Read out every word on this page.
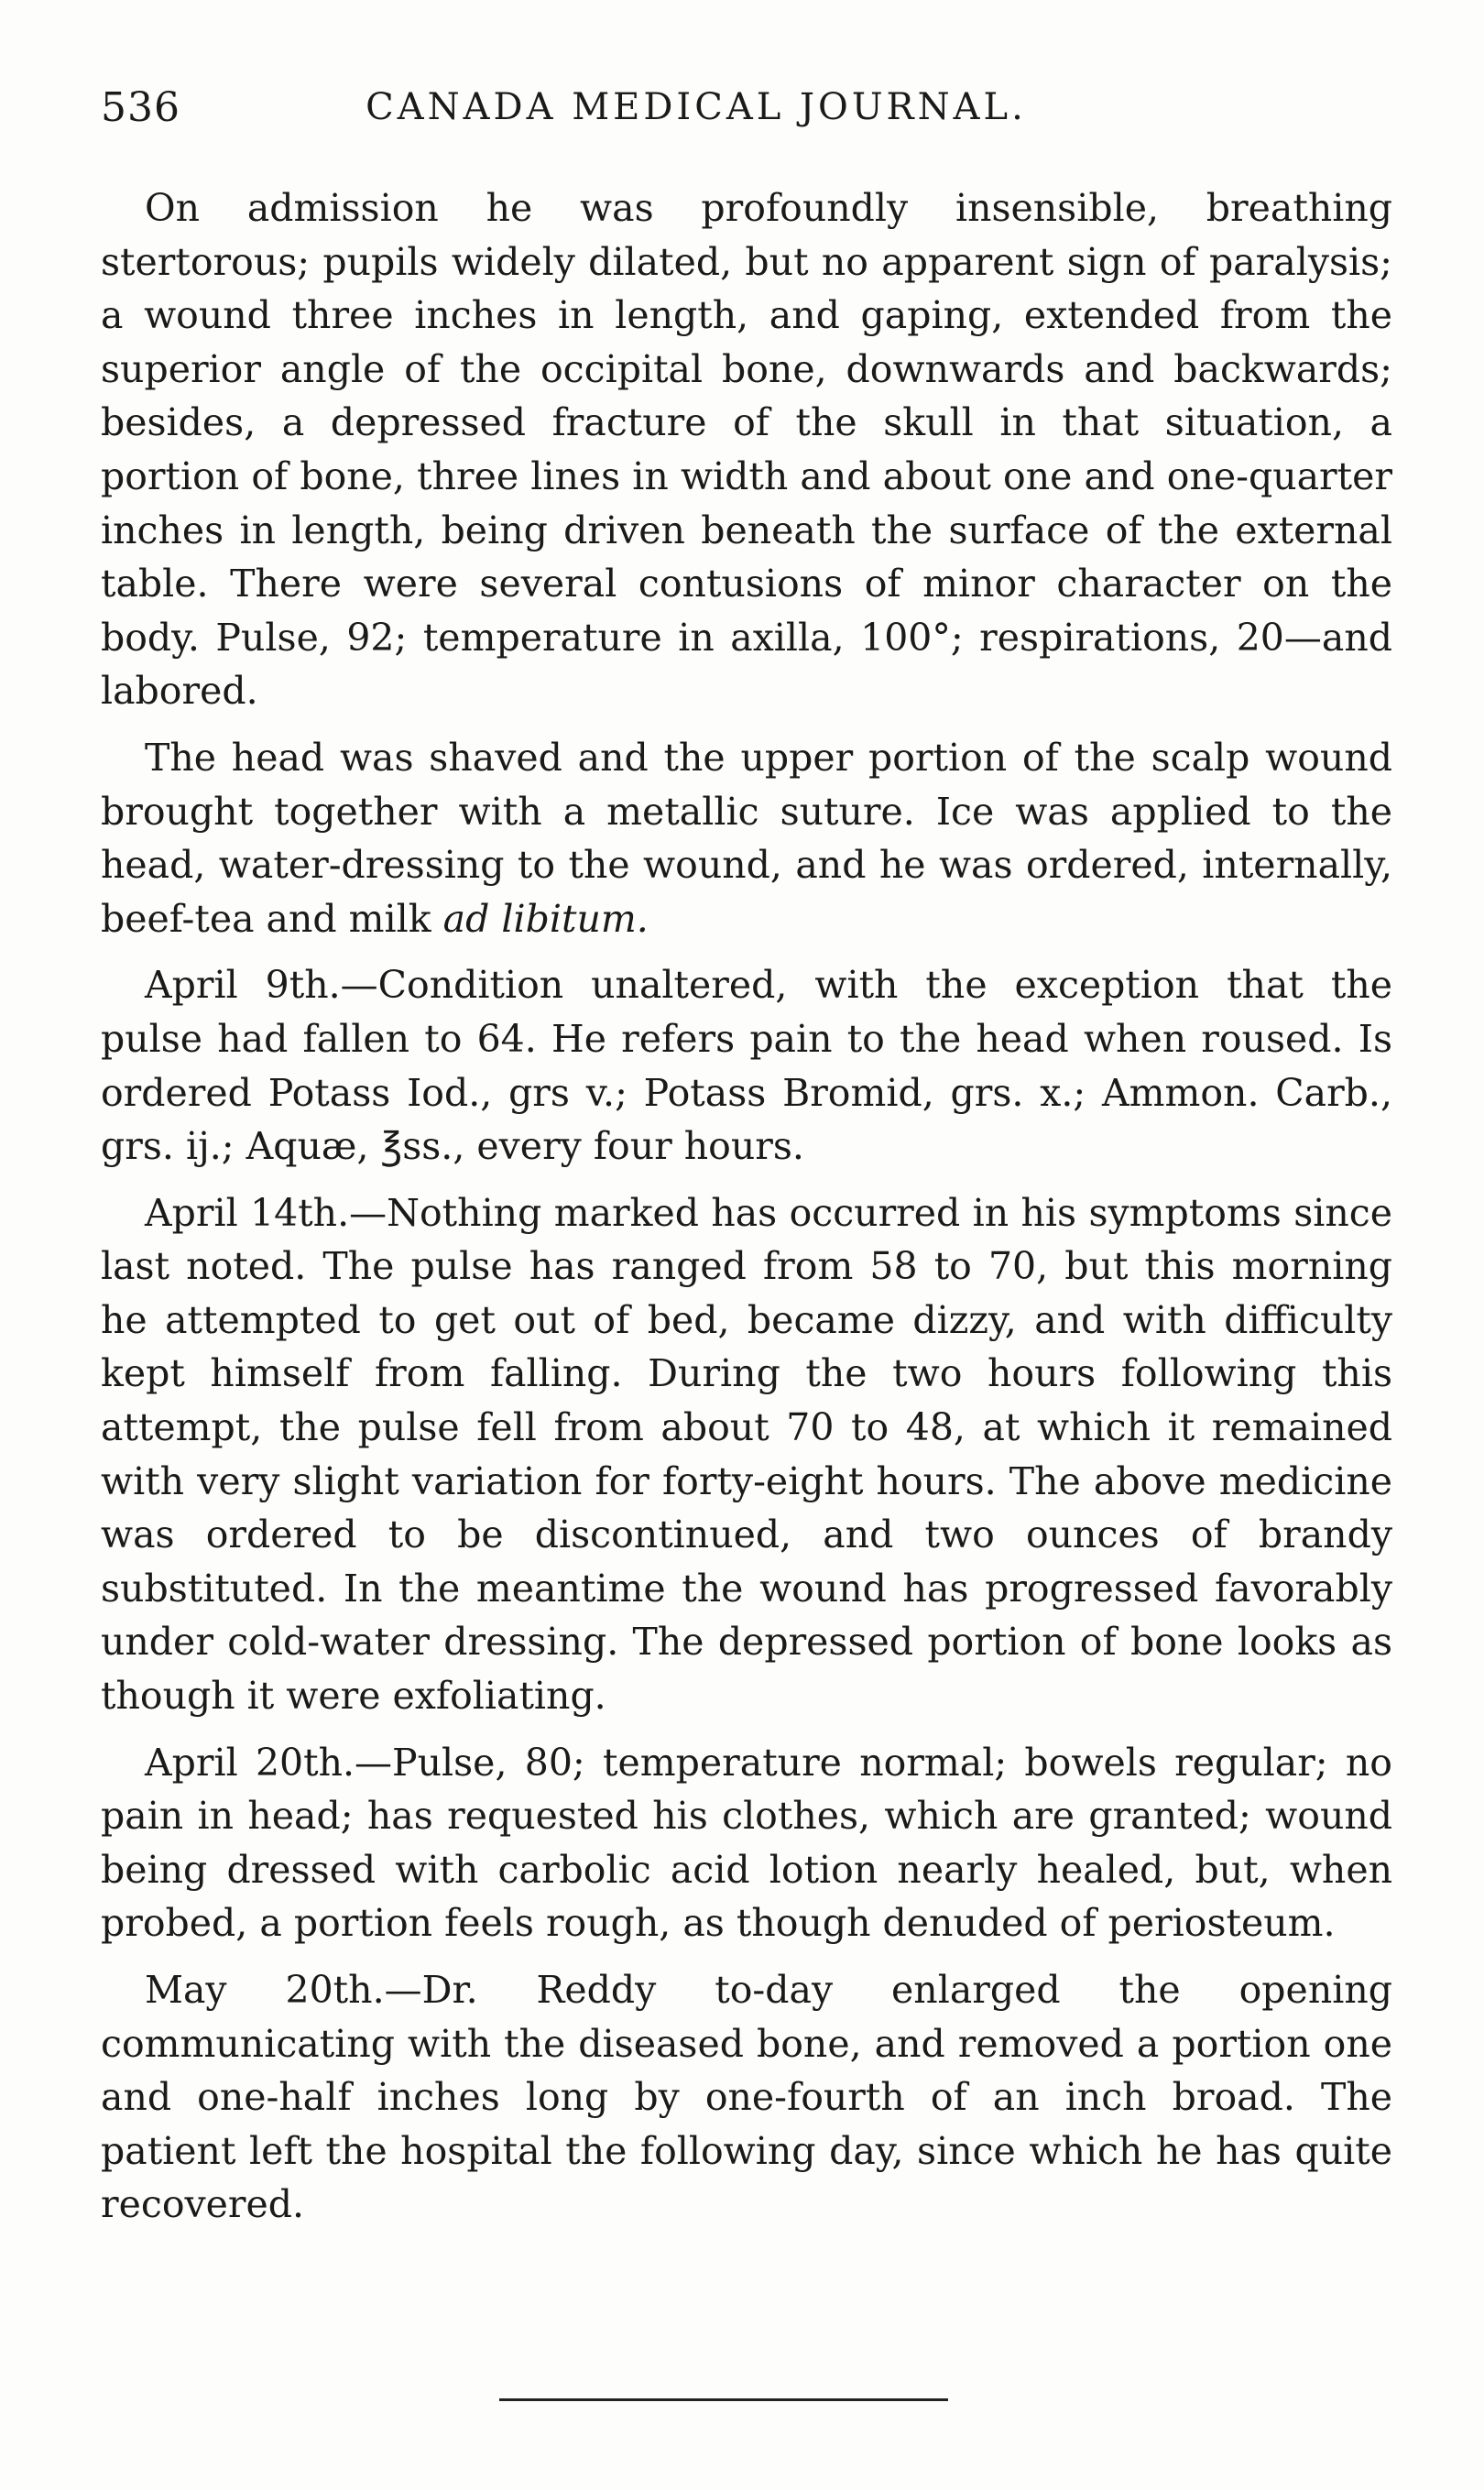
536	CANADA MEDICAL JOURNAL.

On admission he was profoundly insensible, breathing stertorous; pupils widely dilated, but no apparent sign of paralysis; a wound three inches in length, and gaping, extended from the superior angle of the occipital bone, downwards and backwards; besides, a depressed fracture of the skull in that situation, a portion of bone, three lines in width and about one and one-quarter inches in length, being driven beneath the surface of the external table. There were several contusions of minor character on the body. Pulse, 92; temperature in axilla, 100°; respirations, 20—and labored.

The head was shaved and the upper portion of the scalp wound brought together with a metallic suture. Ice was applied to the head, water-dressing to the wound, and he was ordered, internally, beef-tea and milk ad libitum.

April 9th.—Condition unaltered, with the exception that the pulse had fallen to 64. He refers pain to the head when roused. Is ordered Potass Iod., grs v.; Potass Bromid, grs. x.; Ammon. Carb., grs. ij.; Aquæ, ℥ss., every four hours.

April 14th.—Nothing marked has occurred in his symptoms since last noted. The pulse has ranged from 58 to 70, but this morning he attempted to get out of bed, became dizzy, and with difficulty kept himself from falling. During the two hours following this attempt, the pulse fell from about 70 to 48, at which it remained with very slight variation for forty-eight hours. The above medicine was ordered to be discontinued, and two ounces of brandy substituted. In the meantime the wound has progressed favorably under cold-water dressing. The depressed portion of bone looks as though it were exfoliating.

April 20th.—Pulse, 80; temperature normal; bowels regular; no pain in head; has requested his clothes, which are granted; wound being dressed with carbolic acid lotion nearly healed, but, when probed, a portion feels rough, as though denuded of periosteum.

May 20th.—Dr. Reddy to-day enlarged the opening communicating with the diseased bone, and removed a portion one and one-half inches long by one-fourth of an inch broad. The patient left the hospital the following day, since which he has quite recovered.
